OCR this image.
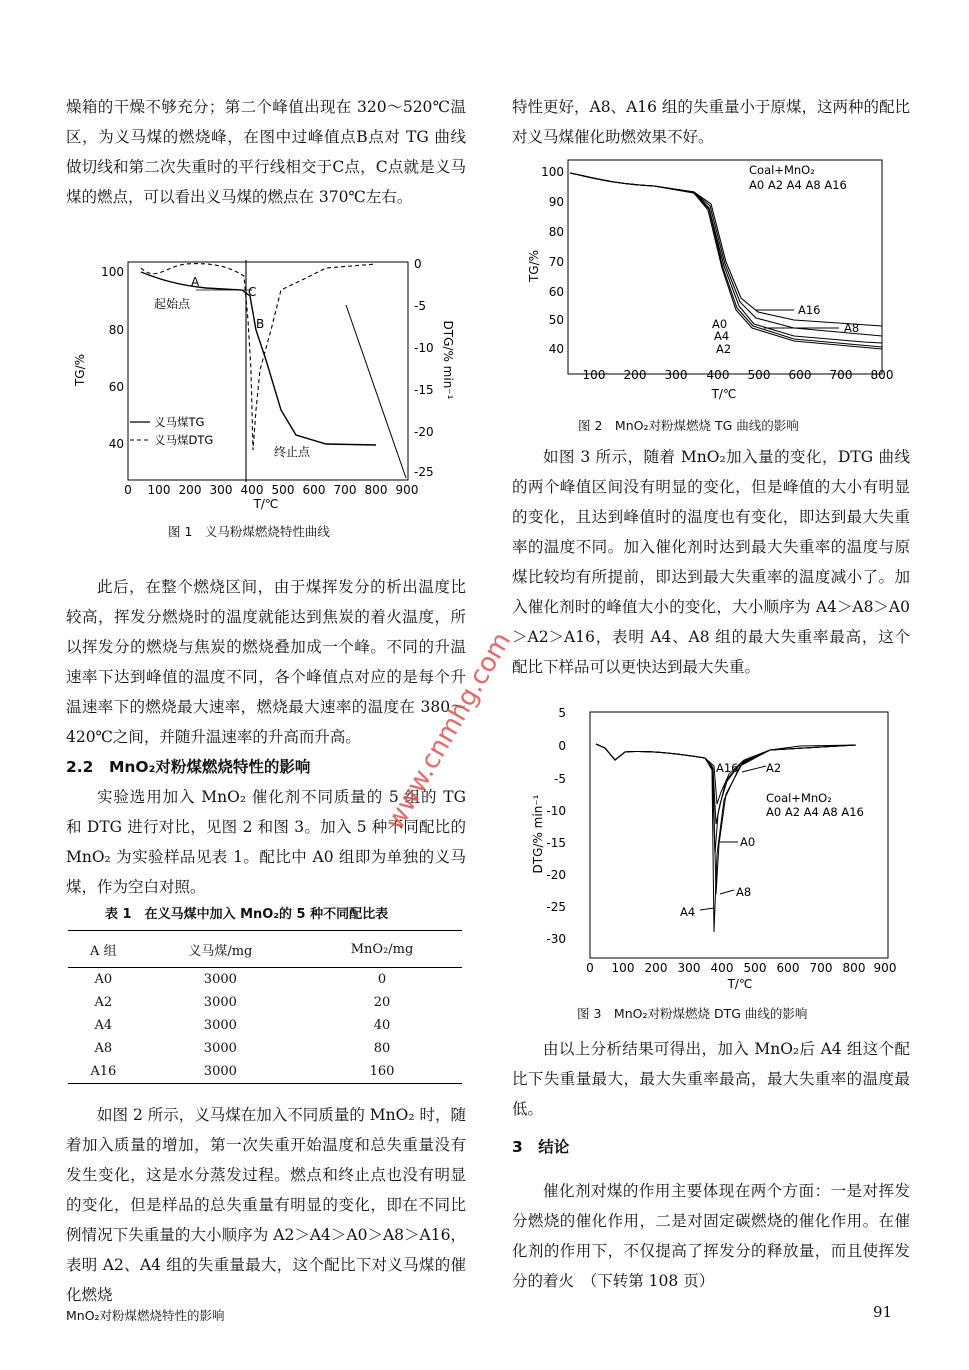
燥箱的干燥不够充分；第二个峰值出现在 320～520℃温区，为义马煤的燃烧峰，在图中过峰值点B点对 TG 曲线做切线和第二次失重时的平行线相交于C点，C点就是义马煤的燃点，可以看出义马煤的燃点在 370℃左右。

100
80
60
40
0
-5
-10
-15
-20
-25
0 100 200 300 400 500 600 700 800 900
T/℃
TG/%	DTG/% min⁻¹
A
B
C
起始点
终止点
义马煤TG
义马煤DTG
图 1　义马粉煤燃烧特性曲线

此后，在整个燃烧区间，由于煤挥发分的析出温度比较高，挥发分燃烧时的温度就能达到焦炭的着火温度，所以挥发分的燃烧与焦炭的燃烧叠加成一个峰。不同的升温速率下达到峰值的温度不同，各个峰值点对应的是每个升温速率下的燃烧最大速率，燃烧最大速率的温度在 380～420℃之间，并随升温速率的升高而升高。

2.2　MnO₂对粉煤燃烧特性的影响

实验选用加入 MnO₂ 催化剂不同质量的 5 组的 TG 和 DTG 进行对比，见图 2 和图 3。加入 5 种不同配比的 MnO₂ 为实验样品见表 1。配比中 A0 组即为单独的义马煤，作为空白对照。

表 1　在义马煤中加入 MnO₂的 5 种不同配比表
A 组	义马煤/mg	MnO₂/mg
A0	3000	0
A2	3000	20
A4	3000	40
A8	3000	80
A16	3000	160

如图 2 所示，义马煤在加入不同质量的 MnO₂ 时，随着加入质量的增加，第一次失重开始温度和总失重量没有发生变化，这是水分蒸发过程。燃点和终止点也没有明显的变化，但是样品的总失重量有明显的变化，即在不同比例情况下失重量的大小顺序为 A2＞A4＞A0＞A8＞A16，表明 A2、A4 组的失重量最大，这个配比下对义马煤的催化燃烧

特性更好，A8、A16 组的失重量小于原煤，这两种的配比对义马煤催化助燃效果不好。

100
90
80
70
60
50
40
100 200 300 400 500 600 700 800
T/℃
TG/%
Coal+MnO₂
A0 A2 A4 A8 A16
A16
A0
A4
A2
A8
图 2　MnO₂对粉煤燃烧 TG 曲线的影响

如图 3 所示，随着 MnO₂加入量的变化，DTG 曲线的两个峰值区间没有明显的变化，但是峰值的大小有明显的变化，且达到峰值时的温度也有变化，即达到最大失重率的温度不同。加入催化剂时达到最大失重率的温度与原煤比较均有所提前，即达到最大失重率的温度减小了。加入催化剂时的峰值大小的变化，大小顺序为 A4＞A8＞A0＞A2＞A16，表明 A4、A8 组的最大失重率最高，这个配比下样品可以更快达到最大失重。

5
0
-5
-10
-15
-20
-25
-30
0 100 200 300 400 500 600 700 800 900
T/℃
DTG/% min⁻¹	Coal+MnO₂
A0 A2 A4 A8 A16
A16 A2
A0
A8
A4
图 3　MnO₂对粉煤燃烧 DTG 曲线的影响

由以上分析结果可得出，加入 MnO₂后 A4 组这个配比下失重量最大，最大失重率最高，最大失重率的温度最低。

3　结论

催化剂对煤的作用主要体现在两个方面：一是对挥发分燃烧的催化作用，二是对固定碳燃烧的催化作用。在催化剂的作用下，不仅提高了挥发分的释放量，而且使挥发分的着火　（下转第 108 页）

MnO₂对粉煤燃烧特性的影响	91
www.cnmhg.com
